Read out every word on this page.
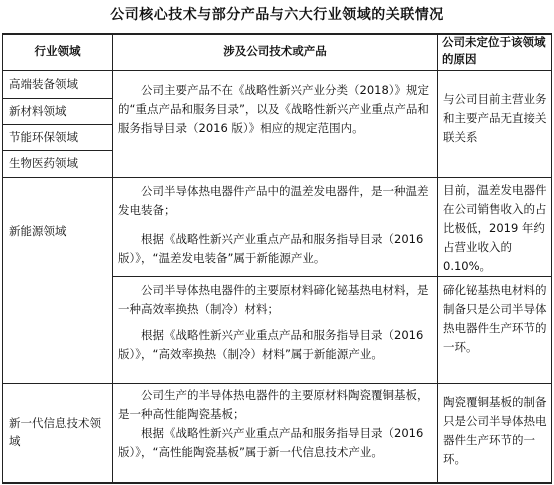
公司核心技术与部分产品与六大行业领域的关联情况
行业领域	涉及公司技术或产品
公司未定位于该领域的原因
高端装备领域
新材料领域
节能环保领域
生物医药领域
新能源领域
新一代信息技术领域
公司主要产品不在《战略性新兴产业分类（2018）》规定的“重点产品和服务目录”，以及《战略性新兴产业重点产品和服务指导目录（2016 版）》相应的规定范围内。
公司半导体热电器件产品中的温差发电器件，是一种温差发电装备；
根据《战略性新兴产业重点产品和服务指导目录（2016 版）》，“温差发电装备”属于新能源产业。
公司半导体热电器件的主要原材料碲化铋基热电材料，是一种高效率换热（制冷）材料；
根据《战略性新兴产业重点产品和服务指导目录（2016 版）》，“高效率换热（制冷）材料”属于新能源产业。
公司生产的半导体热电器件的主要原材料陶瓷覆铜基板，是一种高性能陶瓷基板；
根据《战略性新兴产业重点产品和服务指导目录（2016 版）》，“高性能陶瓷基板”属于新一代信息技术产业。
与公司目前主营业务和主要产品无直接关联关系
目前，温差发电器件在公司销售收入的占比极低，2019 年约占营业收入的 0.10%。
碲化铋基热电材料的制备只是公司半导体热电器件生产环节的一环。
陶瓷覆铜基板的制备只是公司半导体热电器件生产环节的一环。
